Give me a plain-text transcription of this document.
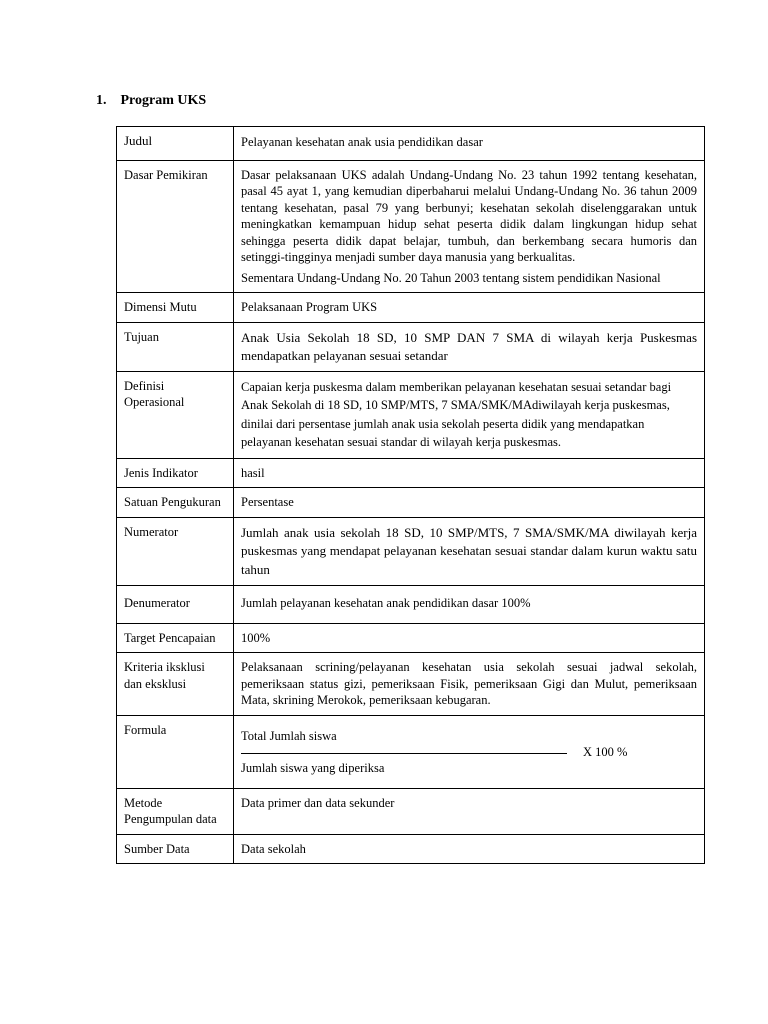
1. Program UKS
Judul	Pelayanan kesehatan anak usia pendidikan dasar
Dasar Pemikiran	Dasar pelaksanaan UKS adalah Undang-Undang No. 23 tahun 1992 tentang kesehatan, pasal 45 ayat 1, yang kemudian diperbaharui melalui Undang-Undang No. 36 tahun 2009 tentang kesehatan, pasal 79 yang berbunyi; kesehatan sekolah diselenggarakan untuk meningkatkan kemampuan hidup sehat peserta didik dalam lingkungan hidup sehat sehingga peserta didik dapat belajar, tumbuh, dan berkembang secara humoris dan setinggi-tingginya menjadi sumber daya manusia yang berkualitas.
Sementara Undang-Undang No. 20 Tahun 2003 tentang sistem pendidikan Nasional

Dimensi Mutu	Pelaksanaan Program UKS
Tujuan	Anak Usia Sekolah 18 SD, 10 SMP DAN 7 SMA di wilayah kerja Puskesmas mendapatkan pelayanan sesuai setandar
Definisi Operasional	Capaian kerja puskesma dalam memberikan pelayanan kesehatan sesuai setandar bagi Anak Sekolah di 18 SD, 10 SMP/MTS, 7 SMA/SMK/MAdiwilayah kerja puskesmas, dinilai dari persentase jumlah anak usia sekolah peserta didik yang mendapatkan pelayanan kesehatan sesuai standar di wilayah kerja puskesmas.
Jenis Indikator	hasil
Satuan Pengukuran	Persentase
Numerator	Jumlah anak usia sekolah 18 SD, 10 SMP/MTS, 7 SMA/SMK/MA diwilayah kerja puskesmas yang mendapat pelayanan kesehatan sesuai standar dalam kurun waktu satu tahun
Denumerator	Jumlah pelayanan kesehatan anak pendidikan dasar 100%
Target Pencapaian	100%
Kriteria iksklusi dan eksklusi	Pelaksanaan scrining/pelayanan kesehatan usia sekolah sesuai jadwal sekolah, pemeriksaan status gizi, pemeriksaan Fisik, pemeriksaan Gigi dan Mulut, pemeriksaan Mata, skrining Merokok, pemeriksaan kebugaran.
Formula	Total Jumlah siswa
X 100 %
Jumlah siswa yang diperiksa

Metode Pengumpulan data	Data primer dan data sekunder
Sumber Data	Data sekolah
